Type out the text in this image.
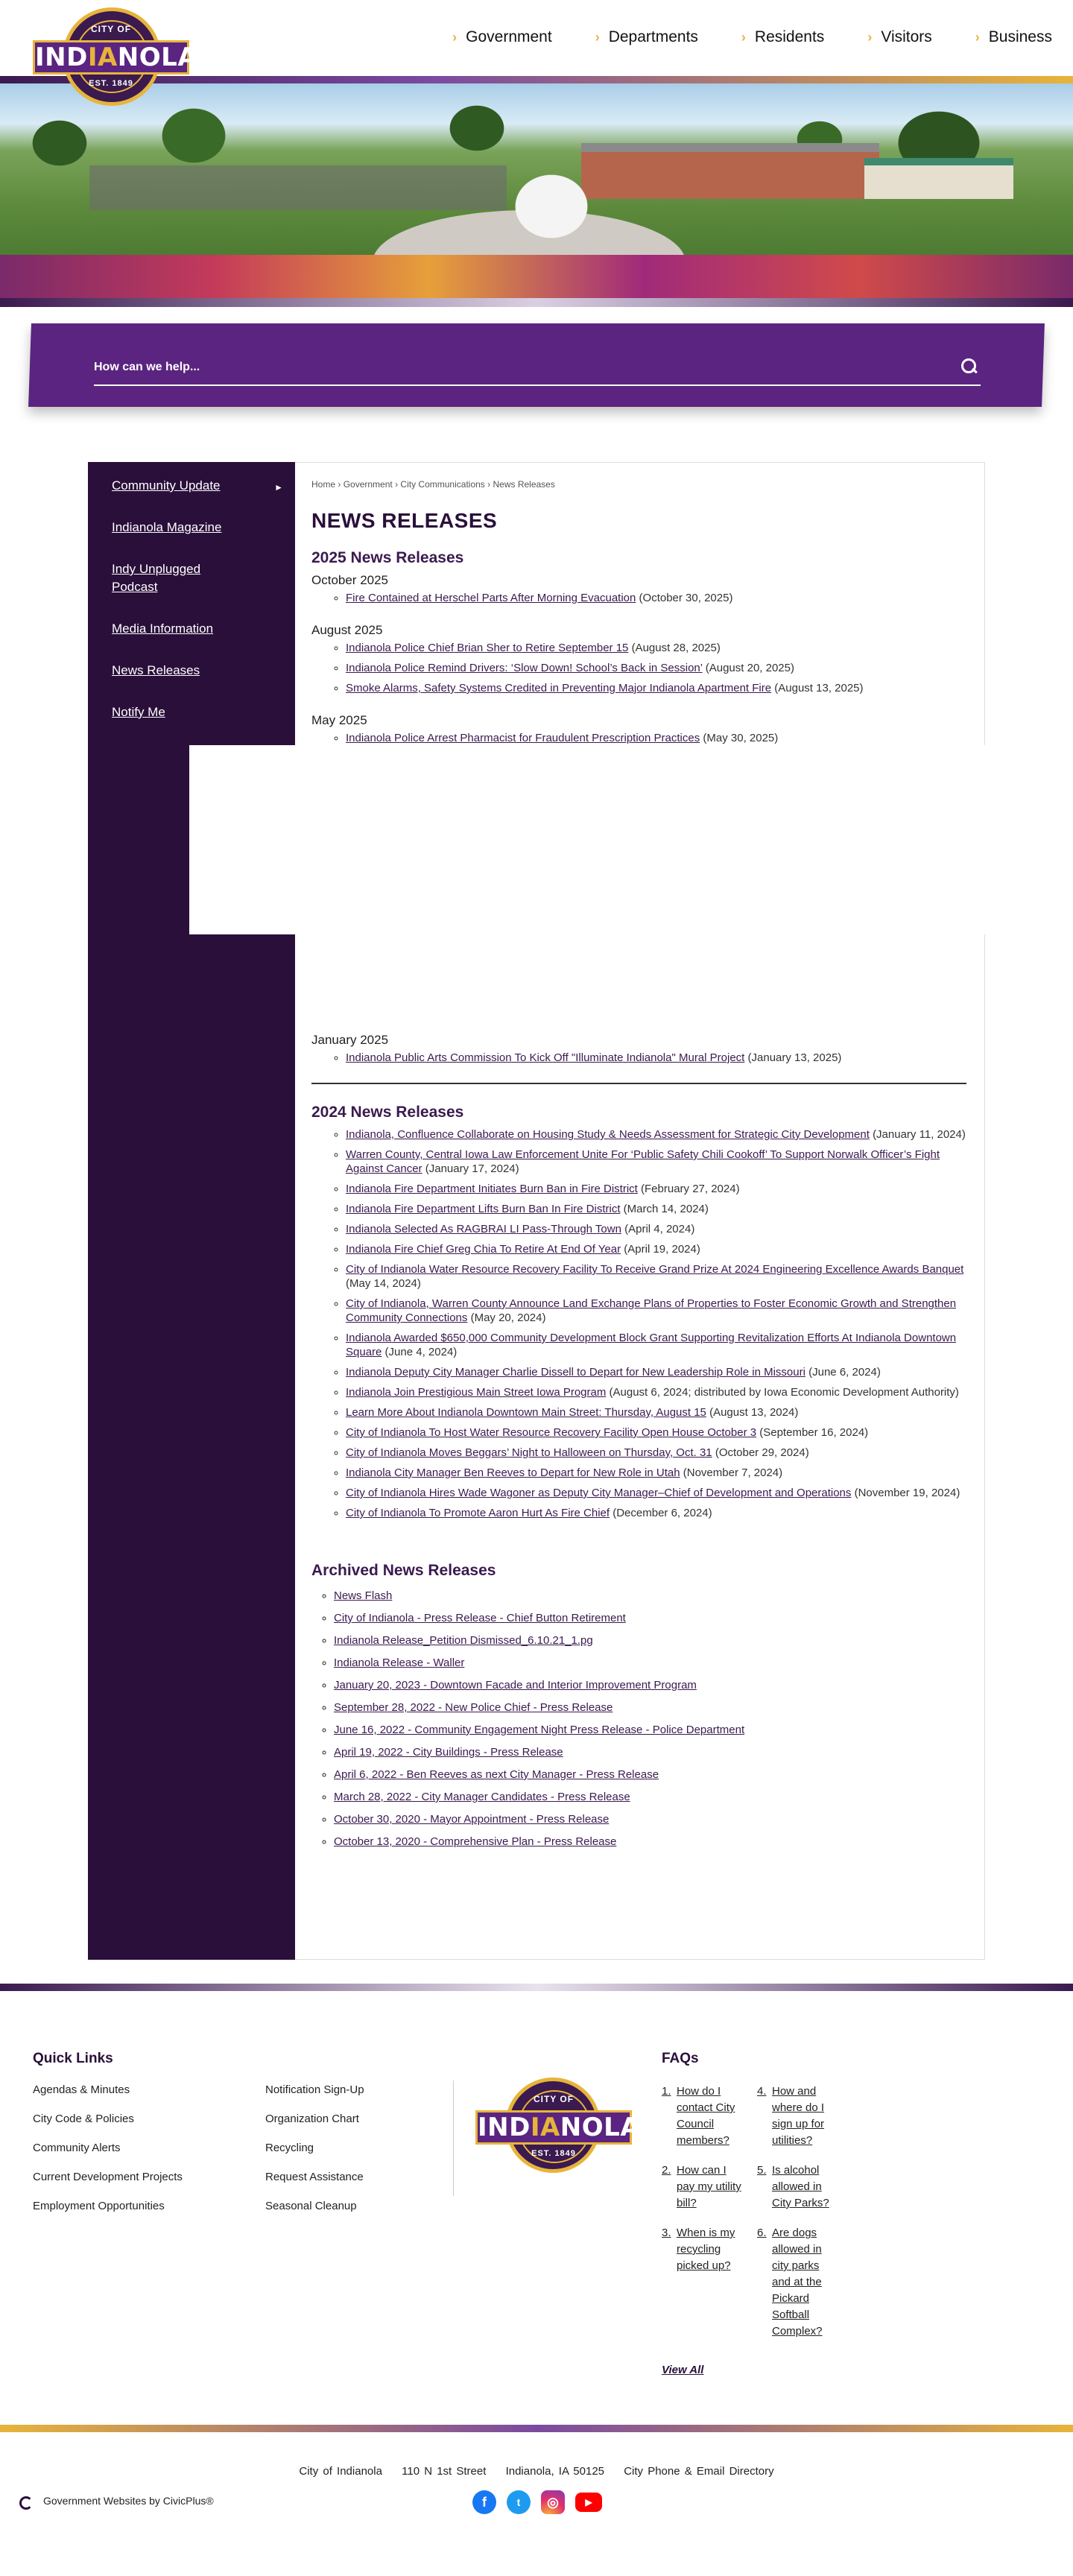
CITY OF
INDIANOLA
EST. 1849
› Government	› Departments	› Residents	› Visitors	› Business
How can we help...
Community Update	►
Indianola Magazine
Indy Unplugged Podcast
Media Information
News Releases
Notify Me
Home › Government › City Communications › News Releases
NEWS RELEASES
2025 News Releases
October 2025
◦ Fire Contained at Herschel Parts After Morning Evacuation (October 30, 2025)
August 2025
◦ Indianola Police Chief Brian Sher to Retire September 15 (August 28, 2025)
◦ Indianola Police Remind Drivers: ‘Slow Down! School’s Back in Session’ (August 20, 2025)
◦ Smoke Alarms, Safety Systems Credited in Preventing Major Indianola Apartment Fire (August 13, 2025)
May 2025
◦ Indianola Police Arrest Pharmacist for Fraudulent Prescription Practices (May 30, 2025)
◦
◦
January 2025
◦ Indianola Public Arts Commission To Kick Off "Illuminate Indianola" Mural Project (January 13, 2025)
2024 News Releases
◦ Indianola, Confluence Collaborate on Housing Study & Needs Assessment for Strategic City Development (January 11, 2024)
◦ Warren County, Central Iowa Law Enforcement Unite For ‘Public Safety Chili Cookoff’ To Support Norwalk Officer’s Fight Against Cancer (January 17, 2024)
◦ Indianola Fire Department Initiates Burn Ban in Fire District (February 27, 2024)
◦ Indianola Fire Department Lifts Burn Ban In Fire District (March 14, 2024)
◦ Indianola Selected As RAGBRAI LI Pass-Through Town (April 4, 2024)
◦ Indianola Fire Chief Greg Chia To Retire At End Of Year (April 19, 2024)
◦ City of Indianola Water Resource Recovery Facility To Receive Grand Prize At 2024 Engineering Excellence Awards Banquet (May 14, 2024)
◦ City of Indianola, Warren County Announce Land Exchange Plans of Properties to Foster Economic Growth and Strengthen Community Connections (May 20, 2024)
◦ Indianola Awarded $650,000 Community Development Block Grant Supporting Revitalization Efforts At Indianola Downtown Square (June 4, 2024)
◦ Indianola Deputy City Manager Charlie Dissell to Depart for New Leadership Role in Missouri (June 6, 2024)
◦ Indianola Join Prestigious Main Street Iowa Program (August 6, 2024; distributed by Iowa Economic Development Authority)
◦ Learn More About Indianola Downtown Main Street: Thursday, August 15 (August 13, 2024)
◦ City of Indianola To Host Water Resource Recovery Facility Open House October 3 (September 16, 2024)
◦ City of Indianola Moves Beggars’ Night to Halloween on Thursday, Oct. 31 (October 29, 2024)
◦ Indianola City Manager Ben Reeves to Depart for New Role in Utah (November 7, 2024)
◦ City of Indianola Hires Wade Wagoner as Deputy City Manager–Chief of Development and Operations (November 19, 2024)
◦ City of Indianola To Promote Aaron Hurt As Fire Chief (December 6, 2024)
Archived News Releases
◦ News Flash
◦ City of Indianola - Press Release - Chief Button Retirement
◦ Indianola Release_Petition Dismissed_6.10.21_1.pg
◦ Indianola Release - Waller
◦ January 20, 2023 - Downtown Facade and Interior Improvement Program
◦ September 28, 2022 - New Police Chief - Press Release
◦ June 16, 2022 - Community Engagement Night Press Release - Police Department
◦ April 19, 2022 - City Buildings - Press Release
◦ April 6, 2022 - Ben Reeves as next City Manager - Press Release
◦ March 28, 2022 - City Manager Candidates - Press Release
◦ October 30, 2020 - Mayor Appointment - Press Release
◦ October 13, 2020 - Comprehensive Plan - Press Release
Quick Links
Agendas & Minutes
City Code & Policies
Community Alerts
Current Development Projects
Employment Opportunities
Notification Sign-Up
Organization Chart
Recycling
Request Assistance
Seasonal Cleanup
CITY OF
INDIANOLA
EST. 1849
FAQs
1. How do I contact City Council members?
2. How can I pay my utility bill?
3. When is my recycling picked up?
4. How and where do I sign up for utilities?
5. Is alcohol allowed in City Parks?
6. Are dogs allowed in city parks and at the Pickard Softball Complex?
View All
City of Indianola 110 N 1st Street Indianola, IA 50125 City Phone & Email Directory
Government Websites by CivicPlus®	f	t	◎	▶
